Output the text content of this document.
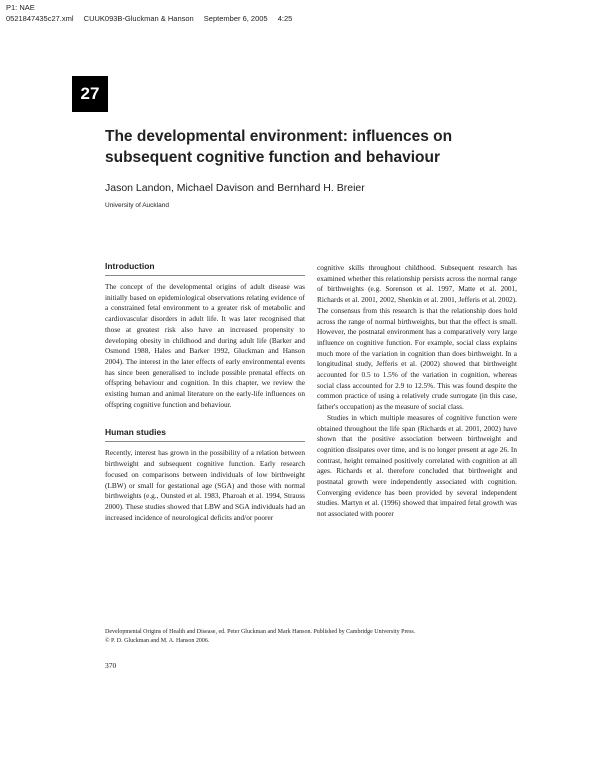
P1: NAE
0521847435c27.xml CUUK093B-Gluckman & Hanson September 6, 2005 4:25
27
The developmental environment: influences on subsequent cognitive function and behaviour
Jason Landon, Michael Davison and Bernhard H. Breier
University of Auckland
Introduction

The concept of the developmental origins of adult disease was initially based on epidemiological observations relating evidence of a constrained fetal environment to a greater risk of metabolic and cardiovascular disorders in adult life. It was later recognised that those at greatest risk also have an increased propensity to developing obesity in childhood and during adult life (Barker and Osmond 1988, Hales and Barker 1992, Gluckman and Hanson 2004). The interest in the later effects of early environmental events has since been generalised to include possible prenatal effects on offspring behaviour and cognition. In this chapter, we review the existing human and animal literature on the early-life influences on offspring cognitive function and behaviour.

Human studies

Recently, interest has grown in the possibility of a relation between birthweight and subsequent cognitive function. Early research focused on comparisons between individuals of low birthweight (LBW) or small for gestational age (SGA) and those with normal birthweights (e.g., Ounsted et al. 1983, Pharoah et al. 1994, Strauss 2000). These studies showed that LBW and SGA individuals had an increased incidence of neurological deficits and/or poorer

cognitive skills throughout childhood. Subsequent research has examined whether this relationship persists across the normal range of birthweights (e.g. Sorenson et al. 1997, Matte et al. 2001, Richards et al. 2001, 2002, Shenkin et al. 2001, Jefferis et al. 2002). The consensus from this research is that the relationship does hold across the range of normal birthweights, but that the effect is small. However, the postnatal environment has a comparatively very large influence on cognitive function. For example, social class explains much more of the variation in cognition than does birthweight. In a longitudinal study, Jefferis et al. (2002) showed that birthweight accounted for 0.5 to 1.5% of the variation in cognition, whereas social class accounted for 2.9 to 12.5%. This was found despite the common practice of using a relatively crude surrogate (in this case, father's occupation) as the measure of social class.

Studies in which multiple measures of cognitive function were obtained throughout the life span (Richards et al. 2001, 2002) have shown that the positive association between birthweight and cognition dissipates over time, and is no longer present at age 26. In contrast, height remained positively correlated with cognition at all ages. Richards et al. therefore concluded that birthweight and postnatal growth were independently associated with cognition. Converging evidence has been provided by several independent studies. Martyn et al. (1996) showed that impaired fetal growth was not associated with poorer

Developmental Origins of Health and Disease, ed. Peter Gluckman and Mark Hanson. Published by Cambridge University Press.
© P. D. Gluckman and M. A. Hanson 2006.
370
